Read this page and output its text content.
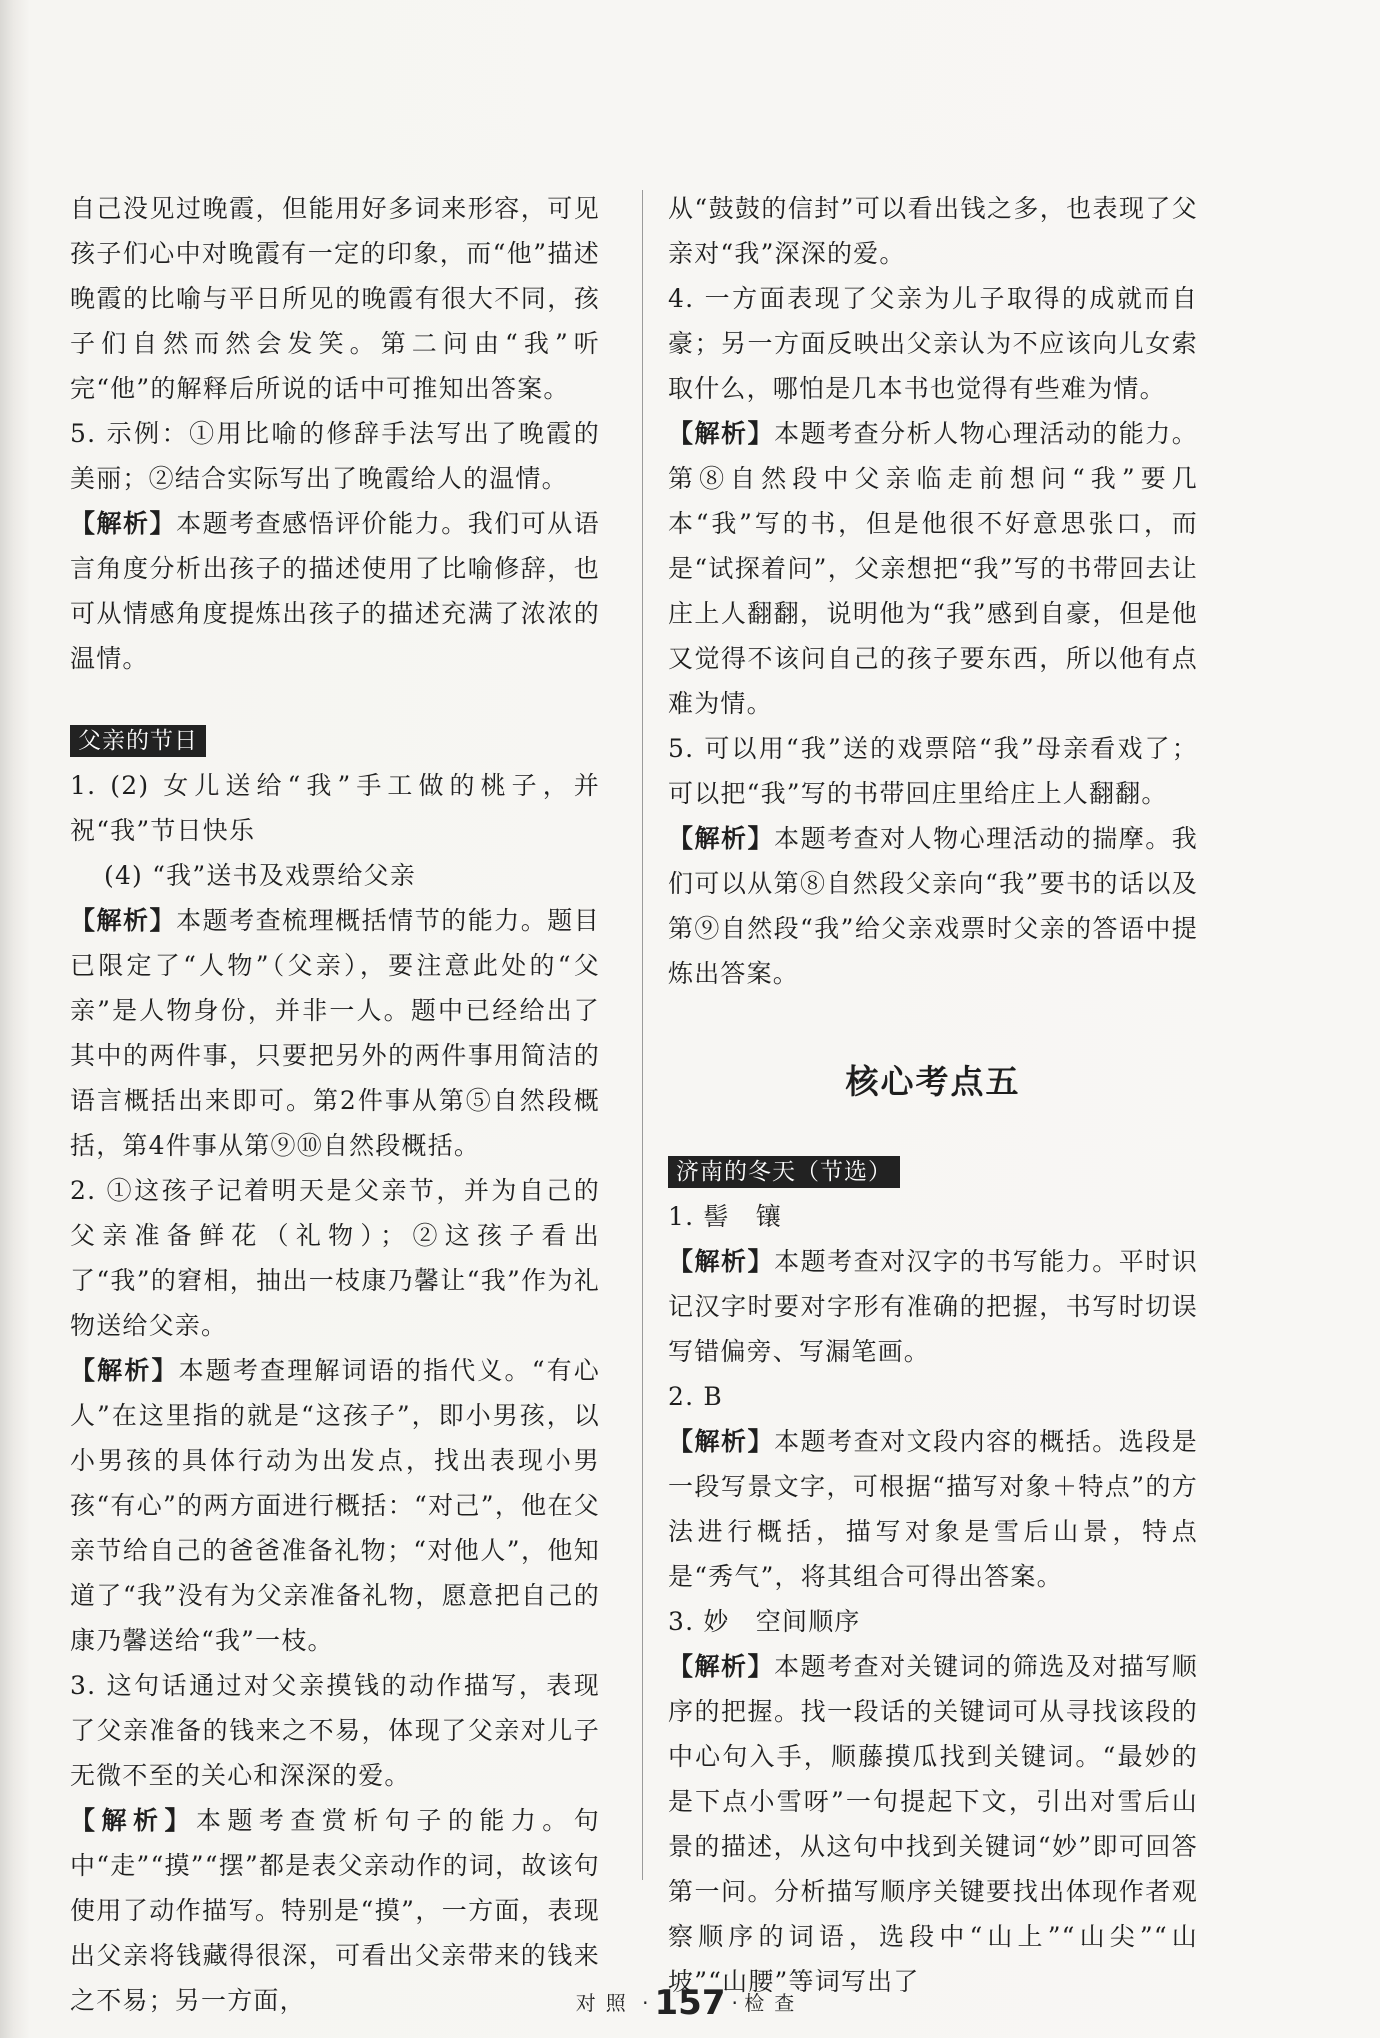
自己没见过晚霞，但能用好多词来形容，可见孩子们心中对晚霞有一定的印象，而“他”描述晚霞的比喻与平日所见的晚霞有很大不同，孩子们自然而然会发笑。第二问由“我”听完“他”的解释后所说的话中可推知出答案。

5. 示例：①用比喻的修辞手法写出了晚霞的美丽；②结合实际写出了晚霞给人的温情。

【解析】本题考查感悟评价能力。我们可从语言角度分析出孩子的描述使用了比喻修辞，也可从情感角度提炼出孩子的描述充满了浓浓的温情。

父亲的节日

1. (2) 女儿送给“我”手工做的桃子，并祝“我”节日快乐

(4) “我”送书及戏票给父亲

【解析】本题考查梳理概括情节的能力。题目已限定了“人物”（父亲），要注意此处的“父亲”是人物身份，并非一人。题中已经给出了其中的两件事，只要把另外的两件事用简洁的语言概括出来即可。第2件事从第⑤自然段概括，第4件事从第⑨⑩自然段概括。

2. ①这孩子记着明天是父亲节，并为自己的父亲准备鲜花（礼物）；②这孩子看出了“我”的窘相，抽出一枝康乃馨让“我”作为礼物送给父亲。

【解析】本题考查理解词语的指代义。“有心人”在这里指的就是“这孩子”，即小男孩，以小男孩的具体行动为出发点，找出表现小男孩“有心”的两方面进行概括：“对己”，他在父亲节给自己的爸爸准备礼物；“对他人”，他知道了“我”没有为父亲准备礼物，愿意把自己的康乃馨送给“我”一枝。

3. 这句话通过对父亲摸钱的动作描写，表现了父亲准备的钱来之不易，体现了父亲对儿子无微不至的关心和深深的爱。

【解析】本题考查赏析句子的能力。句中“走”“摸”“摆”都是表父亲动作的词，故该句使用了动作描写。特别是“摸”，一方面，表现出父亲将钱藏得很深，可看出父亲带来的钱来之不易；另一方面，

从“鼓鼓的信封”可以看出钱之多，也表现了父亲对“我”深深的爱。

4. 一方面表现了父亲为儿子取得的成就而自豪；另一方面反映出父亲认为不应该向儿女索取什么，哪怕是几本书也觉得有些难为情。

【解析】本题考查分析人物心理活动的能力。第⑧自然段中父亲临走前想问“我”要几本“我”写的书，但是他很不好意思张口，而是“试探着问”，父亲想把“我”写的书带回去让庄上人翻翻，说明他为“我”感到自豪，但是他又觉得不该问自己的孩子要东西，所以他有点难为情。

5. 可以用“我”送的戏票陪“我”母亲看戏了；可以把“我”写的书带回庄里给庄上人翻翻。

【解析】本题考查对人物心理活动的揣摩。我们可以从第⑧自然段父亲向“我”要书的话以及第⑨自然段“我”给父亲戏票时父亲的答语中提炼出答案。

核心考点五
济南的冬天（节选）

1. 髻　镶

【解析】本题考查对汉字的书写能力。平时识记汉字时要对字形有准确的把握，书写时切误写错偏旁、写漏笔画。

2. B

【解析】本题考查对文段内容的概括。选段是一段写景文字，可根据“描写对象＋特点”的方法进行概括，描写对象是雪后山景，特点是“秀气”，将其组合可得出答案。

3. 妙　空间顺序

【解析】本题考查对关键词的筛选及对描写顺序的把握。找一段话的关键词可从寻找该段的中心句入手，顺藤摸瓜找到关键词。“最妙的是下点小雪呀”一句提起下文，引出对雪后山景的描述，从这句中找到关键词“妙”即可回答第一问。分析描写顺序关键要找出体现作者观察顺序的词语，选段中“山上”“山尖”“山坡”“山腰”等词写出了

对照 · 157 · 检查
